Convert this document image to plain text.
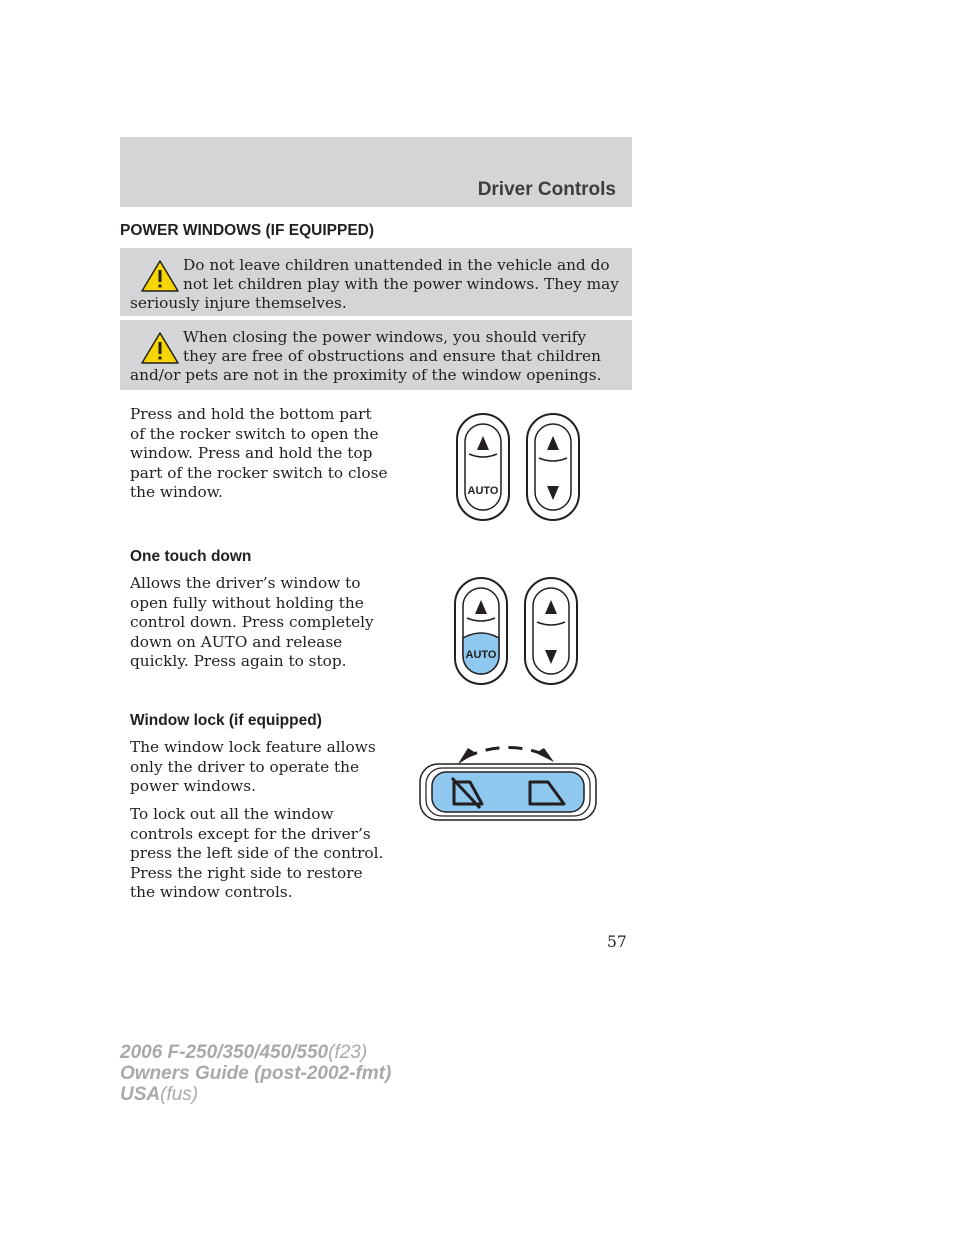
Driver Controls
POWER WINDOWS (IF EQUIPPED)

Do not leave children unattended in the vehicle and do not let children play with the power windows. They may seriously injure themselves.

When closing the power windows, you should verify they are free of obstructions and ensure that children and/or pets are not in the proximity of the window openings.

Press and hold the bottom part of the rocker switch to open the window. Press and hold the top part of the rocker switch to close the window.	AUTO

One touch down

Allows the driver’s window to open fully without holding the control down. Press completely down on AUTO and release quickly. Press again to stop.	AUTO

Window lock (if equipped)

The window lock feature allows only the driver to operate the power windows.

To lock out all the window controls except for the driver’s press the left side of the control. Press the right side to restore the window controls.

57
2006 F-250/350/450/550(f23)
Owners Guide (post-2002-fmt)
USA(fus)
